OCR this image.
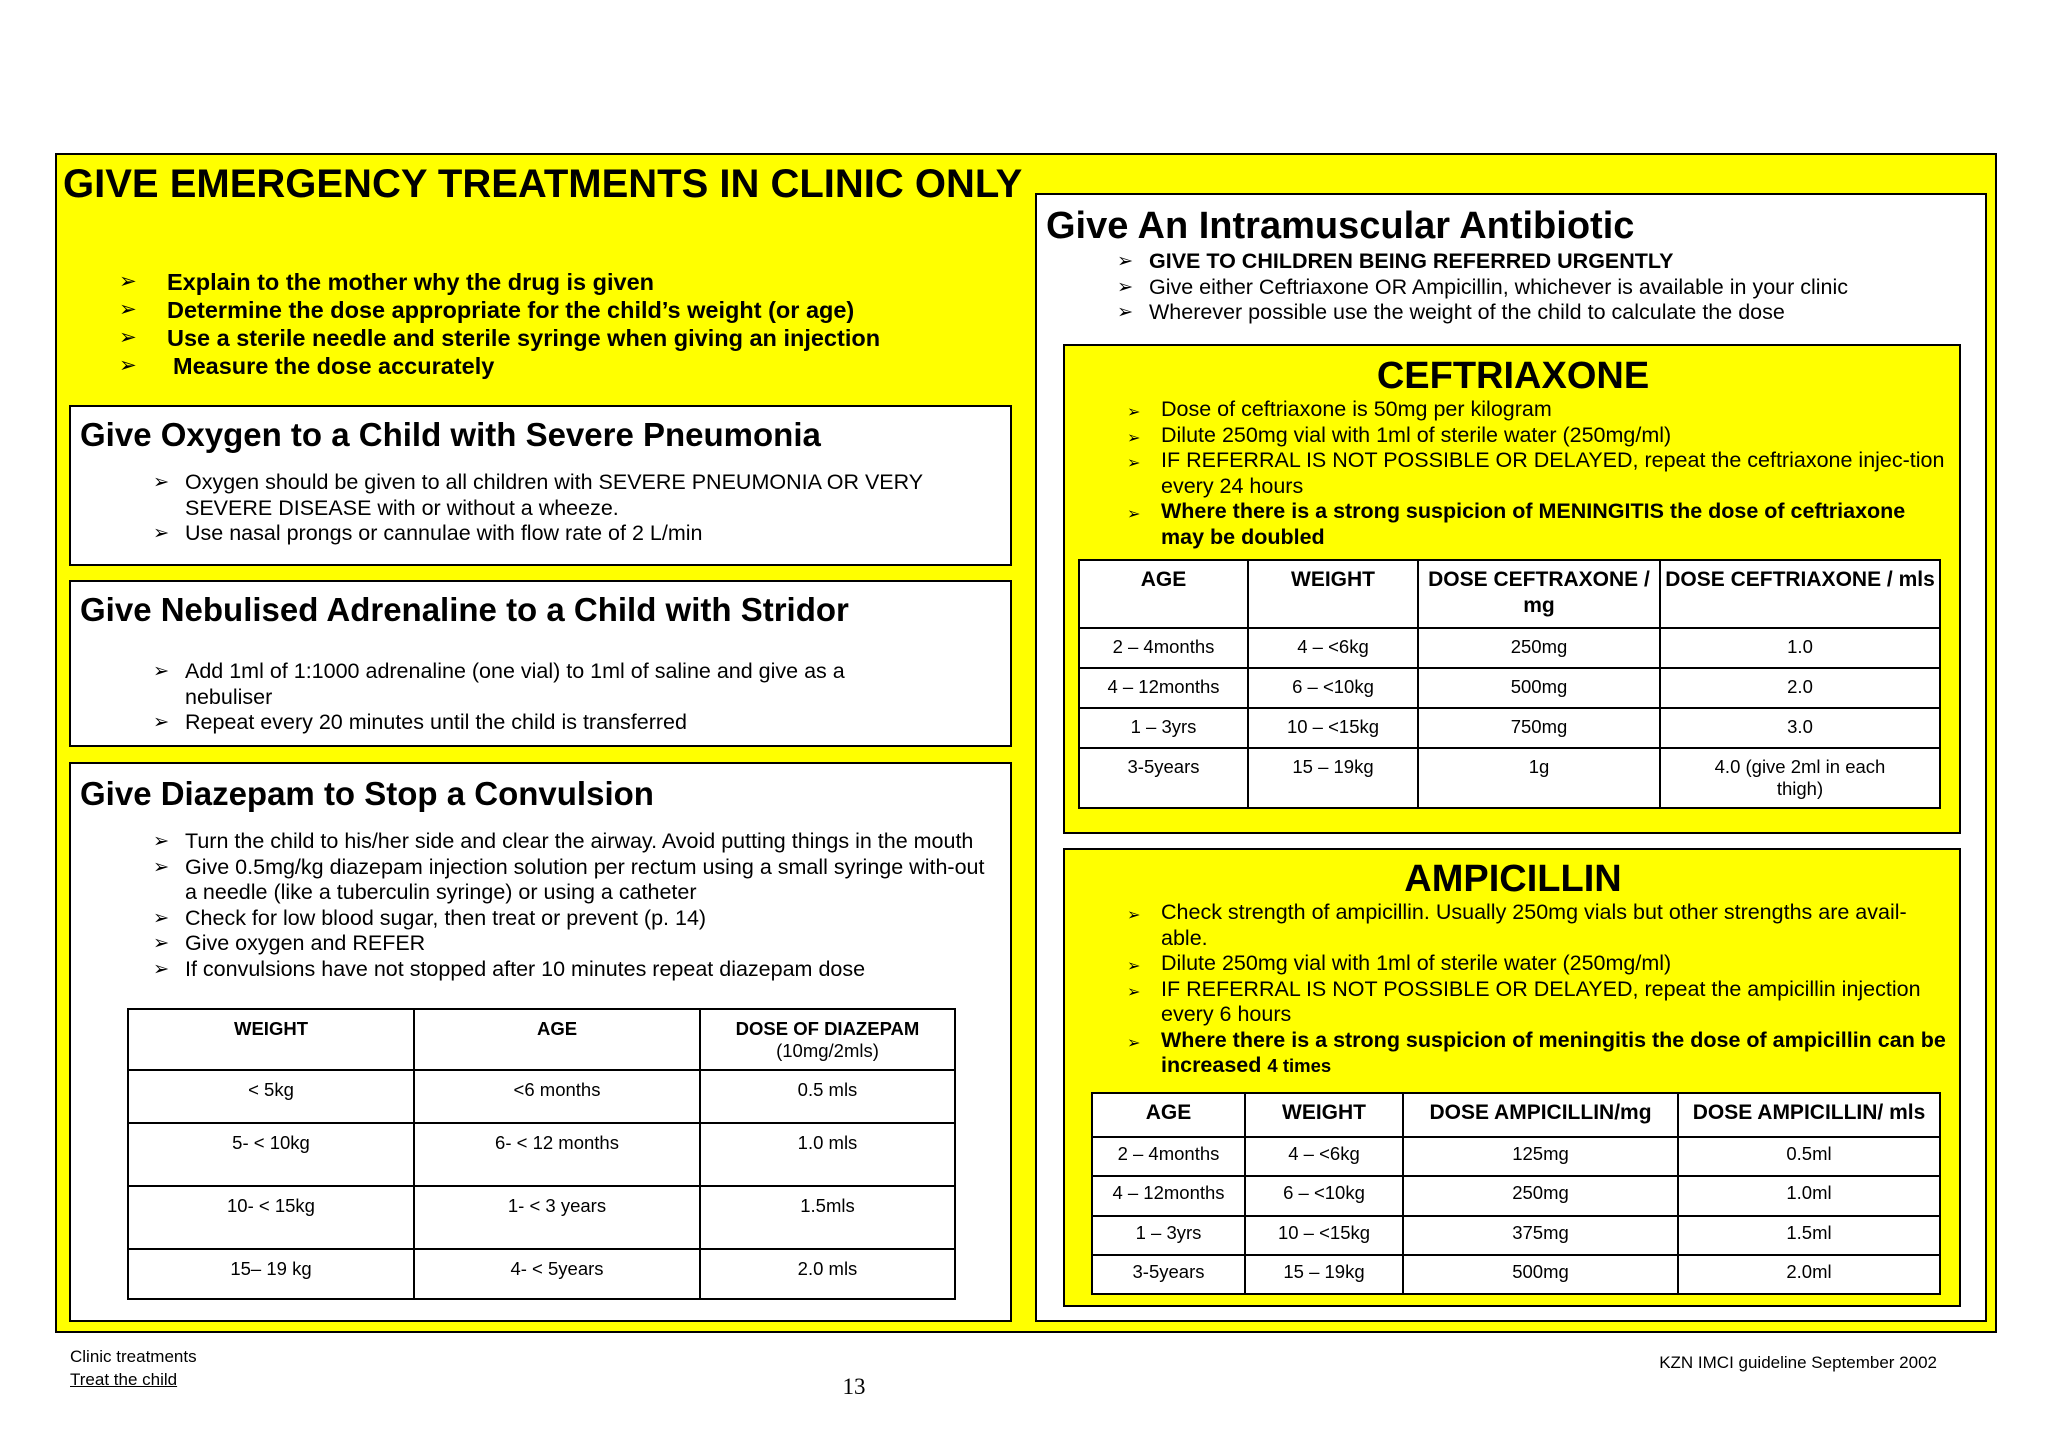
GIVE EMERGENCY TREATMENTS IN CLINIC ONLY
➢ Explain to the mother why the drug is given
➢ Determine the dose appropriate for the child’s weight (or age)
➢ Use a sterile needle and sterile syringe when giving an injection
➢ Measure the dose accurately
Give Oxygen to a Child with Severe Pneumonia
➢ Oxygen should be given to all children with SEVERE PNEUMONIA OR VERY SEVERE DISEASE with or without a wheeze.
➢ Use nasal prongs or cannulae with flow rate of 2 L/min
Give Nebulised Adrenaline to a Child with Stridor
➢ Add 1ml of 1:1000 adrenaline (one vial) to 1ml of saline and give as a nebuliser
➢ Repeat every 20 minutes until the child is transferred
Give Diazepam to Stop a Convulsion
➢ Turn the child to his/her side and clear the airway. Avoid putting things in the mouth
➢ Give 0.5mg/kg diazepam injection solution per rectum using a small syringe with-out a needle (like a tuberculin syringe) or using a catheter
➢ Check for low blood sugar, then treat or prevent (p. 14)
➢ Give oxygen and REFER
➢ If convulsions have not stopped after 10 minutes repeat diazepam dose
WEIGHT	AGE	DOSE OF DIAZEPAM
(10mg/2mls)
< 5kg	<6 months	0.5 mls
5- < 10kg	6- < 12 months	1.0 mls
10- < 15kg	1- < 3 years	1.5mls
15– 19 kg	4- < 5years	2.0 mls
Give An Intramuscular Antibiotic
➢ GIVE TO CHILDREN BEING REFERRED URGENTLY
➢ Give either Ceftriaxone OR Ampicillin, whichever is available in your clinic
➢ Wherever possible use the weight of the child to calculate the dose
CEFTRIAXONE
➢ Dose of ceftriaxone is 50mg per kilogram
➢ Dilute 250mg vial with 1ml of sterile water (250mg/ml)
➢ IF REFERRAL IS NOT POSSIBLE OR DELAYED, repeat the ceftriaxone injec-tion every 24 hours
➢ Where there is a strong suspicion of MENINGITIS the dose of ceftriaxone may be doubled
AGE	WEIGHT	DOSE CEFTRAXONE / mg	DOSE CEFTRIAXONE / mls
2 – 4months	4 – <6kg	250mg	1.0
4 – 12months	6 – <10kg	500mg	2.0
1 – 3yrs	10 – <15kg	750mg	3.0
3-5years	15 – 19kg	1g	4.0 (give 2ml in each thigh)
AMPICILLIN
➢ Check strength of ampicillin. Usually 250mg vials but other strengths are avail-able.
➢ Dilute 250mg vial with 1ml of sterile water (250mg/ml)
➢ IF REFERRAL IS NOT POSSIBLE OR DELAYED, repeat the ampicillin injection every 6 hours
➢ Where there is a strong suspicion of meningitis the dose of ampicillin can be increased 4 times
AGE	WEIGHT	DOSE AMPICILLIN/mg	DOSE AMPICILLIN/ mls
2 – 4months	4 – <6kg	125mg	0.5ml
4 – 12months	6 – <10kg	250mg	1.0ml
1 – 3yrs	10 – <15kg	375mg	1.5ml
3-5years	15 – 19kg	500mg	2.0ml
Clinic treatments
Treat the child	13
KZN IMCI guideline September 2002
